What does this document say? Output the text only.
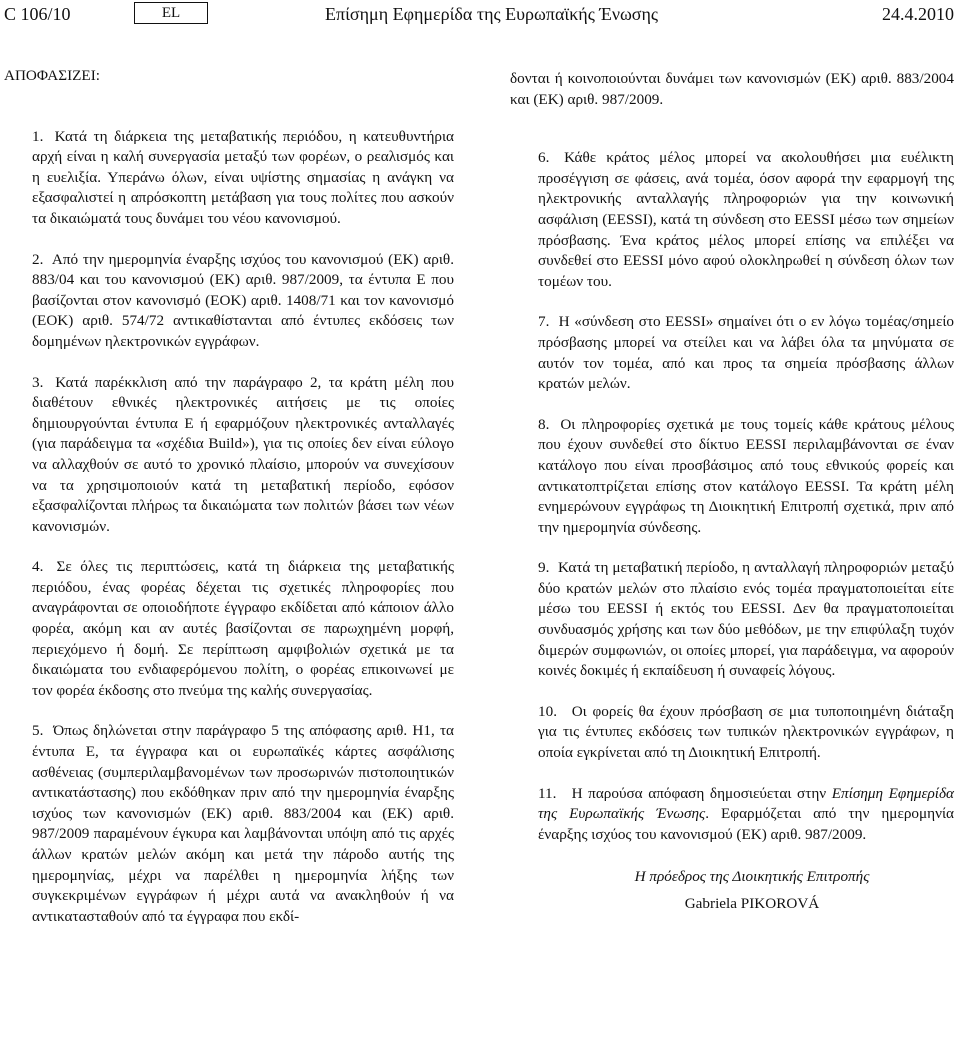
C 106/10	EL	Επίσημη Εφημερίδα της Ευρωπαϊκής Ένωσης	24.4.2010

ΑΠΟΦΑΣΙΖΕΙ:

1. Κατά τη διάρκεια της μεταβατικής περιόδου, η κατευθυντήρια αρχή είναι η καλή συνεργασία μεταξύ των φορέων, ο ρεαλισμός και η ευελιξία. Υπεράνω όλων, είναι υψίστης σημασίας η ανάγκη να εξασφαλιστεί η απρόσκοπτη μετάβαση για τους πολίτες που ασκούν τα δικαιώματά τους δυνάμει του νέου κανονισμού.

2. Από την ημερομηνία έναρξης ισχύος του κανονισμού (ΕΚ) αριθ. 883/04 και του κανονισμού (ΕΚ) αριθ. 987/2009, τα έντυπα E που βασίζονται στον κανονισμό (ΕΟΚ) αριθ. 1408/71 και τον κανονισμό (ΕΟΚ) αριθ. 574/72 αντικαθίστανται από έντυπες εκδόσεις των δομημένων ηλεκτρονικών εγγράφων.

3. Κατά παρέκκλιση από την παράγραφο 2, τα κράτη μέλη που διαθέτουν εθνικές ηλεκτρονικές αιτήσεις με τις οποίες δημιουργούνται έντυπα E ή εφαρμόζουν ηλεκτρονικές ανταλλαγές (για παράδειγμα τα «σχέδια Build»), για τις οποίες δεν είναι εύλογο να αλλαχθούν σε αυτό το χρονικό πλαίσιο, μπορούν να συνεχίσουν να τα χρησιμοποιούν κατά τη μεταβατική περίοδο, εφόσον εξασφαλίζονται πλήρως τα δικαιώματα των πολιτών βάσει των νέων κανονισμών.

4. Σε όλες τις περιπτώσεις, κατά τη διάρκεια της μεταβατικής περιόδου, ένας φορέας δέχεται τις σχετικές πληροφορίες που αναγράφονται σε οποιοδήποτε έγγραφο εκδίδεται από κάποιον άλλο φορέα, ακόμη και αν αυτές βασίζονται σε παρωχημένη μορφή, περιεχόμενο ή δομή. Σε περίπτωση αμφιβολιών σχετικά με τα δικαιώματα του ενδιαφερόμενου πολίτη, ο φορέας επικοινωνεί με τον φορέα έκδοσης στο πνεύμα της καλής συνεργασίας.

5. Όπως δηλώνεται στην παράγραφο 5 της απόφασης αριθ. H1, τα έντυπα E, τα έγγραφα και οι ευρωπαϊκές κάρτες ασφάλισης ασθένειας (συμπεριλαμβανομένων των προσωρινών πιστοποιητικών αντικατάστασης) που εκδόθηκαν πριν από την ημερομηνία έναρξης ισχύος των κανονισμών (ΕΚ) αριθ. 883/2004 και (ΕΚ) αριθ. 987/2009 παραμένουν έγκυρα και λαμβάνονται υπόψη από τις αρχές άλλων κρατών μελών ακόμη και μετά την πάροδο αυτής της ημερομηνίας, μέχρι να παρέλθει η ημερομηνία λήξης των συγκεκριμένων εγγράφων ή μέχρι αυτά να ανακληθούν ή να αντικατασταθούν από τα έγγραφα που εκδί-

δονται ή κοινοποιούνται δυνάμει των κανονισμών (ΕΚ) αριθ. 883/2004 και (ΕΚ) αριθ. 987/2009.

6. Κάθε κράτος μέλος μπορεί να ακολουθήσει μια ευέλικτη προσέγγιση σε φάσεις, ανά τομέα, όσον αφορά την εφαρμογή της ηλεκτρονικής ανταλλαγής πληροφοριών για την κοινωνική ασφάλιση (EESSI), κατά τη σύνδεση στο EESSI μέσω των σημείων πρόσβασης. Ένα κράτος μέλος μπορεί επίσης να επιλέξει να συνδεθεί στο EESSI μόνο αφού ολοκληρωθεί η σύνδεση όλων των τομέων του.

7. Η «σύνδεση στο EESSI» σημαίνει ότι ο εν λόγω τομέας/σημείο πρόσβασης μπορεί να στείλει και να λάβει όλα τα μηνύματα σε αυτόν τον τομέα, από και προς τα σημεία πρόσβασης άλλων κρατών μελών.

8. Οι πληροφορίες σχετικά με τους τομείς κάθε κράτους μέλους που έχουν συνδεθεί στο δίκτυο EESSI περιλαμβάνονται σε έναν κατάλογο που είναι προσβάσιμος από τους εθνικούς φορείς και αντικατοπτρίζεται επίσης στον κατάλογο EESSI. Τα κράτη μέλη ενημερώνουν εγγράφως τη Διοικητική Επιτροπή σχετικά, πριν από την ημερομηνία σύνδεσης.

9. Κατά τη μεταβατική περίοδο, η ανταλλαγή πληροφοριών μεταξύ δύο κρατών μελών στο πλαίσιο ενός τομέα πραγματοποιείται είτε μέσω του EESSI ή εκτός του EESSI. Δεν θα πραγματοποιείται συνδυασμός χρήσης και των δύο μεθόδων, με την επιφύλαξη τυχόν διμερών συμφωνιών, οι οποίες μπορεί, για παράδειγμα, να αφορούν κοινές δοκιμές ή εκπαίδευση ή συναφείς λόγους.

10. Οι φορείς θα έχουν πρόσβαση σε μια τυποποιημένη διάταξη για τις έντυπες εκδόσεις των τυπικών ηλεκτρονικών εγγράφων, η οποία εγκρίνεται από τη Διοικητική Επιτροπή.

11. Η παρούσα απόφαση δημοσιεύεται στην Επίσημη Εφημερίδα της Ευρωπαϊκής Ένωσης. Εφαρμόζεται από την ημερομηνία έναρξης ισχύος του κανονισμού (ΕΚ) αριθ. 987/2009.

Η πρόεδρος της Διοικητικής Επιτροπής
Gabriela PIKOROVÁ
